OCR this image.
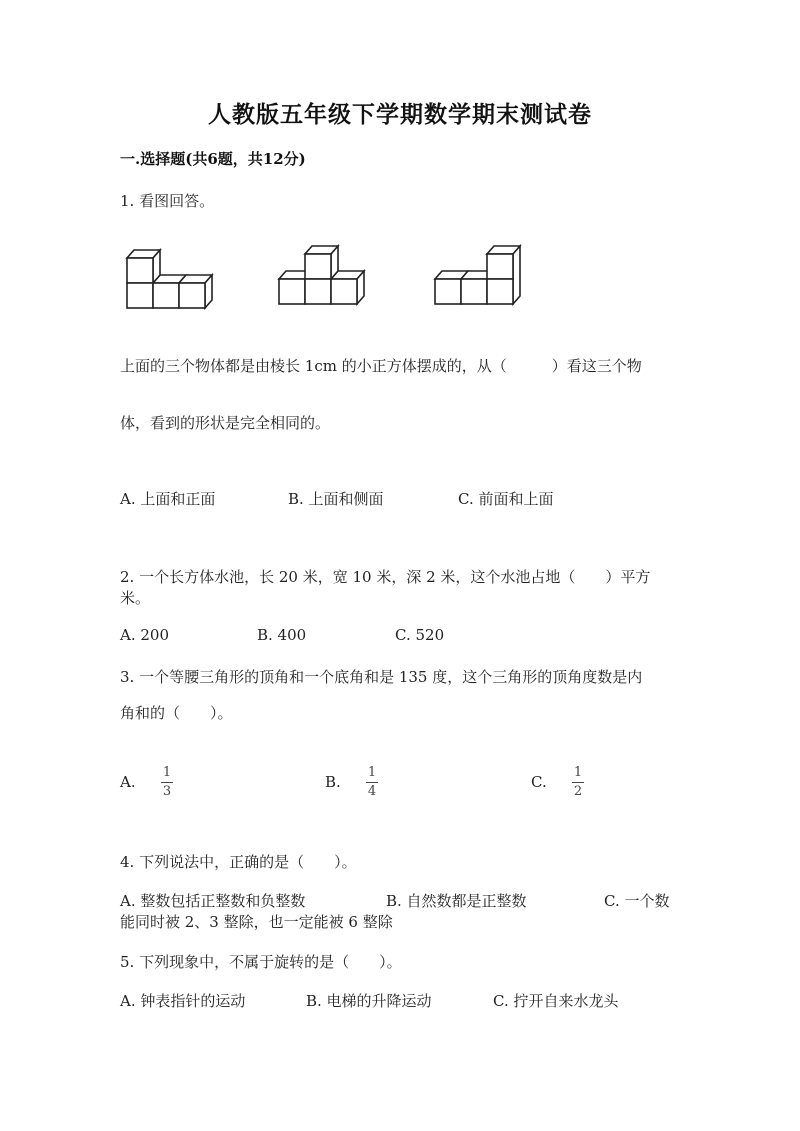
人教版五年级下学期数学期末测试卷
一.选择题(共6题，共12分)
1. 看图回答。
上面的三个物体都是由棱长 1cm 的小正方体摆成的，从（　　　）看这三个物
体，看到的形状是完全相同的。
A. 上面和正面	B. 上面和侧面	C. 前面和上面
2. 一个长方体水池，长 20 米，宽 10 米，深 2 米，这个水池占地（　　）平方
米。
A. 200	B. 400	C. 520
3. 一个等腰三角形的顶角和一个底角和是 135 度，这个三角形的顶角度数是内
角和的（　　）。
A.
1
3
B.
1
4
C.
1
2
4. 下列说法中，正确的是（　　）。
A. 整数包括正整数和负整数	B. 自然数都是正整数	C. 一个数
能同时被 2、3 整除，也一定能被 6 整除
5. 下列现象中，不属于旋转的是（　　）。
A. 钟表指针的运动	B. 电梯的升降运动	C. 拧开自来水龙头
